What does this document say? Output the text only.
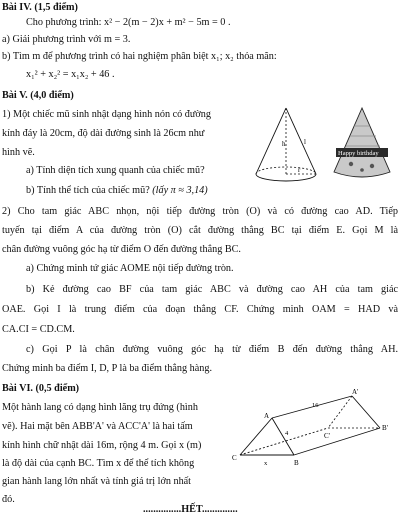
Bài IV. (1,5 điểm)
Cho phương trình: x² − 2(m − 2)x + m² − 5m = 0 .
a) Giải phương trình với m = 3.
b) Tìm m để phương trình có hai nghiệm phân biệt x₁; x₂ thỏa mãn:
x₁² + x₂² = x₁x₂ + 46 .
Bài V. (4,0 điểm)
1) Một chiếc mũ sinh nhật dạng hình nón có đường
kính đáy là 20cm, độ dài đường sinh là 26cm như
hình vẽ.
a) Tính diện tích xung quanh của chiếc mũ?
b) Tính thể tích của chiếc mũ? (lấy π ≈ 3,14)
h
r
l
Happy birthday
2) Cho tam giác ABC nhọn, nội tiếp đường tròn (O) và có đường cao AD. Tiếp
tuyến tại điểm A của đường tròn (O) cắt đường thẳng BC tại điểm E. Gọi M là
chân đường vuông góc hạ từ điểm O đến đường thẳng BC.
a) Chứng minh tứ giác AOME nội tiếp đường tròn.
b) Kẻ đường cao BF của tam giác ABC và đường cao AH của tam giác
OAE. Gọi I là trung điểm của đoạn thẳng CF. Chứng minh OAM = HAD và
CA.CI = CD.CM.
c) Gọi P là chân đường vuông góc hạ từ điểm B đến đường thẳng AH.
Chứng minh ba điểm I, D, P là ba điểm thẳng hàng.
Bài VI. (0,5 điểm)
Một hành lang có dạng hình lăng trụ đứng (hình
vẽ). Hai mặt bên ABB'A' và ACC'A' là hai tấm
kính hình chữ nhật dài 16m, rộng 4 m. Gọi x (m)
là độ dài của cạnh BC. Tìm x để thể tích không
gian hành lang lớn nhất và tính giá trị lớn nhất
đó.
A
B
C
A'
B'
C'
16
4
x
...............HẾT..............
